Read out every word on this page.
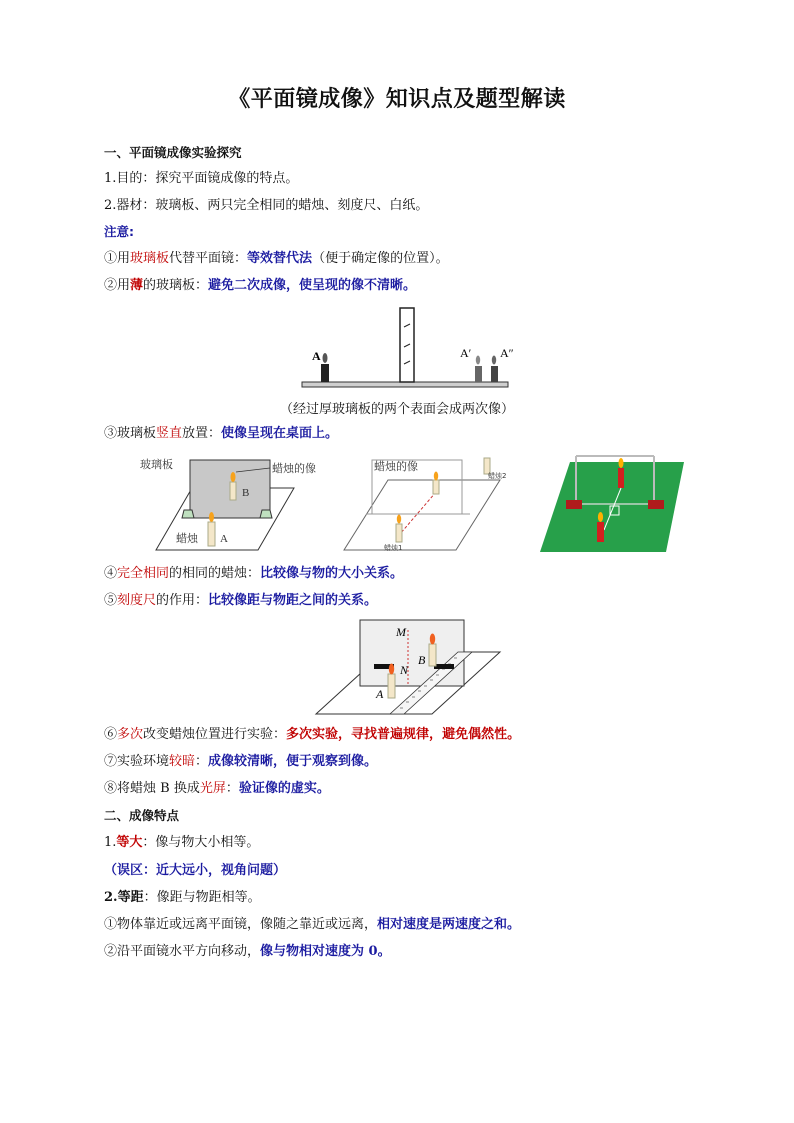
《平面镜成像》知识点及题型解读
一、平面镜成像实验探究
1.目的：探究平面镜成像的特点。
2.器材：玻璃板、两只完全相同的蜡烛、刻度尺、白纸。
注意:
①用玻璃板代替平面镜：等效替代法（便于确定像的位置）。
②用薄的玻璃板：避免二次成像，使呈现的像不清晰。
A	A′ A″
（经过厚玻璃板的两个表面会成两次像）
③玻璃板竖直放置：使像呈现在桌面上。
玻璃板	蜡烛的像
B
蜡烛 A
蜡烛的像
蜡烛2
蜡烛1
④完全相同的相同的蜡烛：比较像与物的大小关系。
⑤刻度尺的作用：比较像距与物距之间的关系。
M
N
B
A
⑥多次改变蜡烛位置进行实验：多次实验，寻找普遍规律，避免偶然性。
⑦实验环境较暗：成像较清晰，便于观察到像。
⑧将蜡烛 B 换成光屏：验证像的虚实。
二、成像特点
1.等大：像与物大小相等。
（误区：近大远小，视角问题）
2.等距：像距与物距相等。
①物体靠近或远离平面镜，像随之靠近或远离，相对速度是两速度之和。
②沿平面镜水平方向移动，像与物相对速度为 0。
